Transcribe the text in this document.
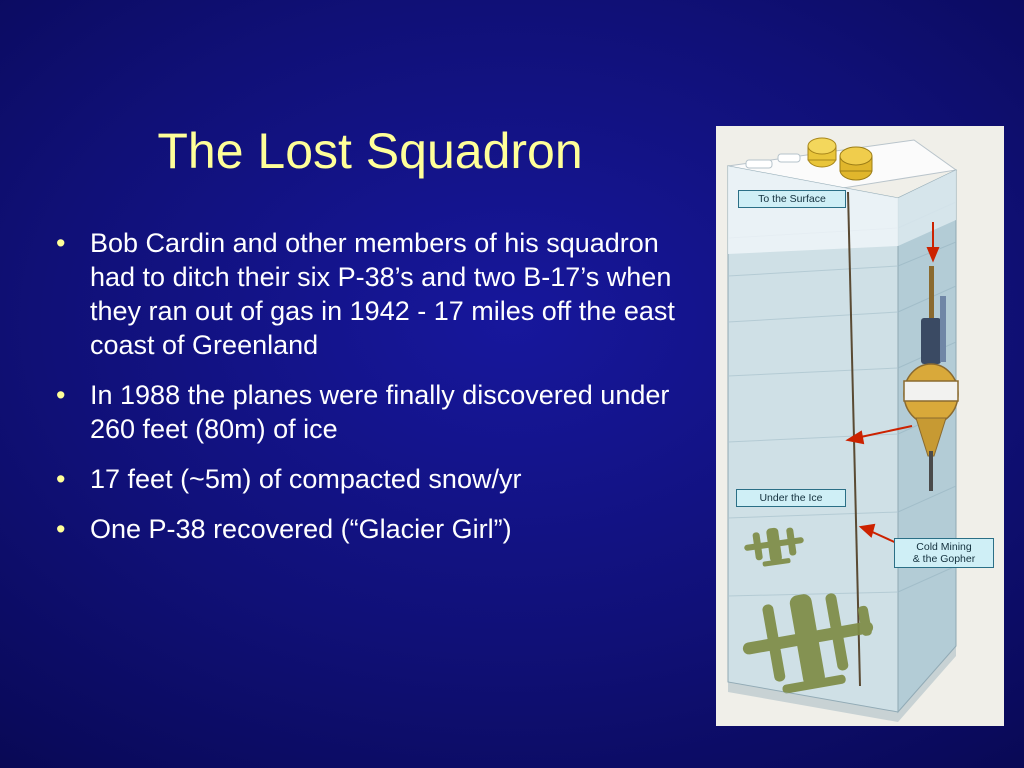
The Lost Squadron
• Bob Cardin and other members of his squadron had to ditch their six P-38’s and two B-17’s when they ran out of gas in 1942 - 17 miles off the east coast of Greenland
• In 1988 the planes were finally discovered under 260 feet (80m) of ice
• 17 feet (~5m) of compacted snow/yr
• One P-38 recovered (“Glacier Girl”)
To the Surface
Under the Ice
Cold Mining
& the Gopher
